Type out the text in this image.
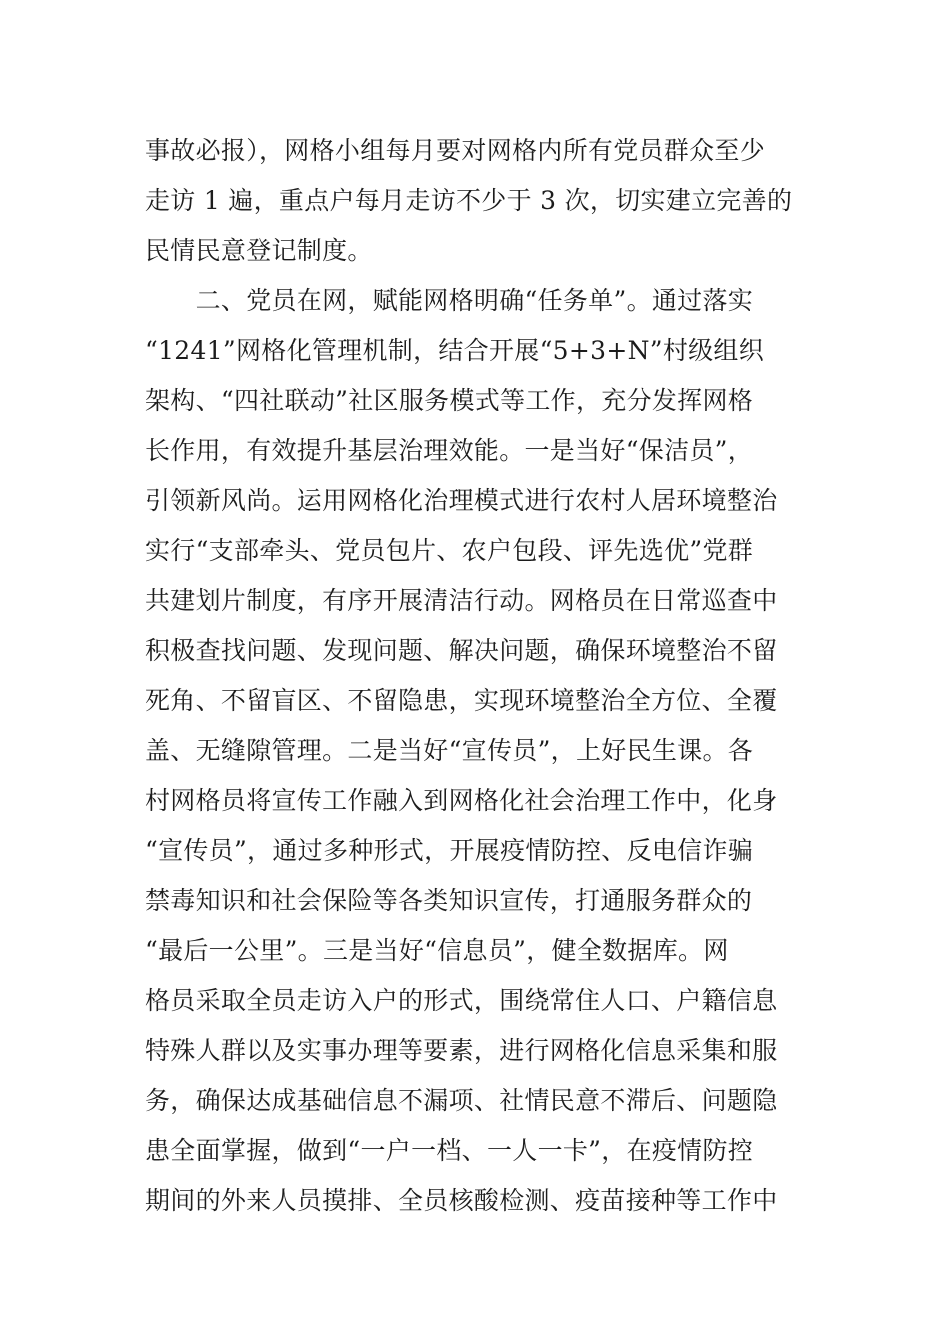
事故必报），网格小组每月要对网格内所有党员群众至少
走访 1 遍，重点户每月走访不少于 3 次，切实建立完善的
民情民意登记制度。
　　二、党员在网，赋能网格明确“任务单”。通过落实
“1241”网格化管理机制，结合开展“5+3+N”村级组织
架构、“四社联动”社区服务模式等工作，充分发挥网格
长作用，有效提升基层治理效能。一是当好“保洁员”，
引领新风尚。运用网格化治理模式进行农村人居环境整治
实行“支部牵头、党员包片、农户包段、评先选优”党群
共建划片制度，有序开展清洁行动。网格员在日常巡查中
积极查找问题、发现问题、解决问题，确保环境整治不留
死角、不留盲区、不留隐患，实现环境整治全方位、全覆
盖、无缝隙管理。二是当好“宣传员”，上好民生课。各
村网格员将宣传工作融入到网格化社会治理工作中，化身
“宣传员”，通过多种形式，开展疫情防控、反电信诈骗
禁毒知识和社会保险等各类知识宣传，打通服务群众的
“最后一公里”。三是当好“信息员”，健全数据库。网
格员采取全员走访入户的形式，围绕常住人口、户籍信息
特殊人群以及实事办理等要素，进行网格化信息采集和服
务，确保达成基础信息不漏项、社情民意不滞后、问题隐
患全面掌握，做到“一户一档、一人一卡”，在疫情防控
期间的外来人员摸排、全员核酸检测、疫苗接种等工作中
